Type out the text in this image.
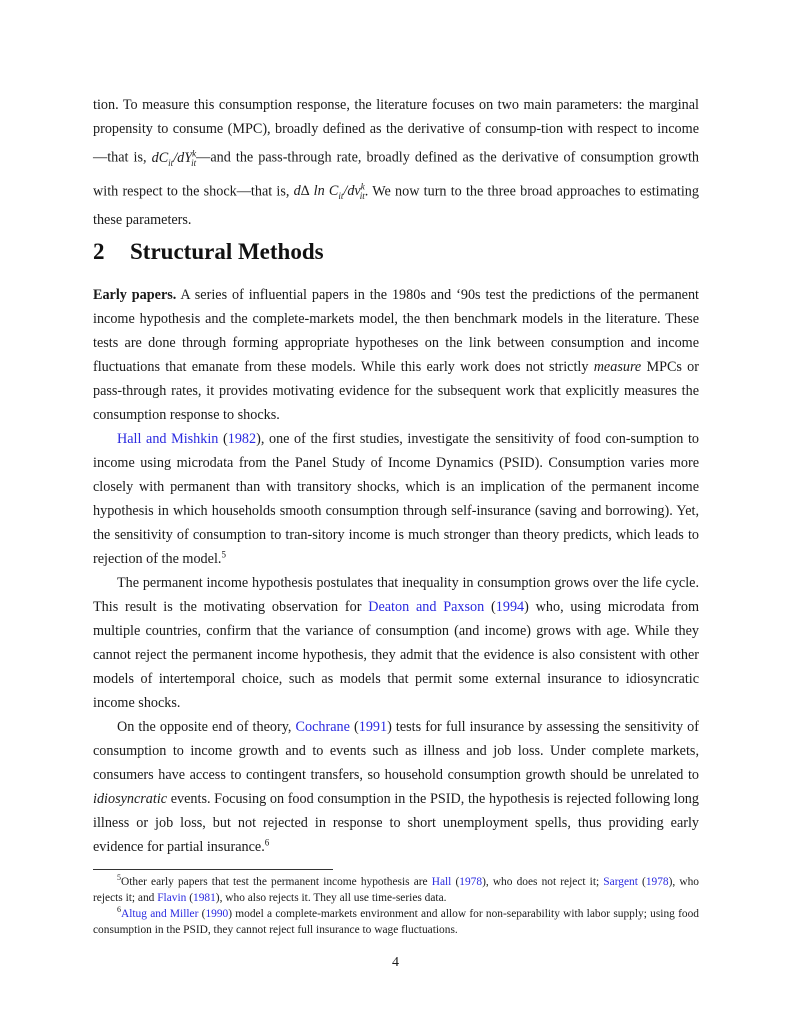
tion. To measure this consumption response, the literature focuses on two main parameters: the marginal propensity to consume (MPC), broadly defined as the derivative of consump-tion with respect to income—that is, $dC_{it}/dY^k_{it}—and$ the pass-through rate, broadly defined as the derivative of consumption growth with respect to the shock—that is, d∆ $\ln C_{it}/dv^k_{it}$. We now turn to the three broad approaches to estimating these parameters.

2 Structural Methods

Early papers. A series of influential papers in the 1980s and ‘90s test the predictions of the permanent income hypothesis and the complete-markets model, the then benchmark models in the literature. These tests are done through forming appropriate hypotheses on the link between consumption and income fluctuations that emanate from these models. While this early work does not strictly measure MPCs or pass-through rates, it provides motivating evidence for the subsequent work that explicitly measures the consumption response to shocks.

Hall and Mishkin (1982), one of the first studies, investigate the sensitivity of food con-sumption to income using microdata from the Panel Study of Income Dynamics (PSID). Consumption varies more closely with permanent than with transitory shocks, which is an implication of the permanent income hypothesis in which households smooth consumption through self-insurance (saving and borrowing). Yet, the sensitivity of consumption to tran-sitory income is much stronger than theory predicts, which leads to rejection of the model.$^5$

The permanent income hypothesis postulates that inequality in consumption grows over the life cycle. This result is the motivating observation for Deaton and Paxson (1994) who, using microdata from multiple countries, confirm that the variance of consumption (and income) grows with age. While they cannot reject the permanent income hypothesis, they admit that the evidence is also consistent with other models of intertemporal choice, such as models that permit some external insurance to idiosyncratic income shocks.

On the opposite end of theory, Cochrane (1991) tests for full insurance by assessing the sensitivity of consumption to income growth and to events such as illness and job loss. Under complete markets, consumers have access to contingent transfers, so household consumption growth should be unrelated to idiosyncratic events. Focusing on food consumption in the PSID, the hypothesis is rejected following long illness or job loss, but not rejected in response to short unemployment spells, thus providing early evidence for partial insurance.$^6$

$^5$Other early papers that test the permanent income hypothesis are Hall (1978), who does not reject it; Sargent (1978), who rejects it; and Flavin (1981), who also rejects it. They all use time-series data.

$^6$Altug and Miller (1990) model a complete-markets environment and allow for non-separability with labor supply; using food consumption in the PSID, they cannot reject full insurance to wage fluctuations.

4
